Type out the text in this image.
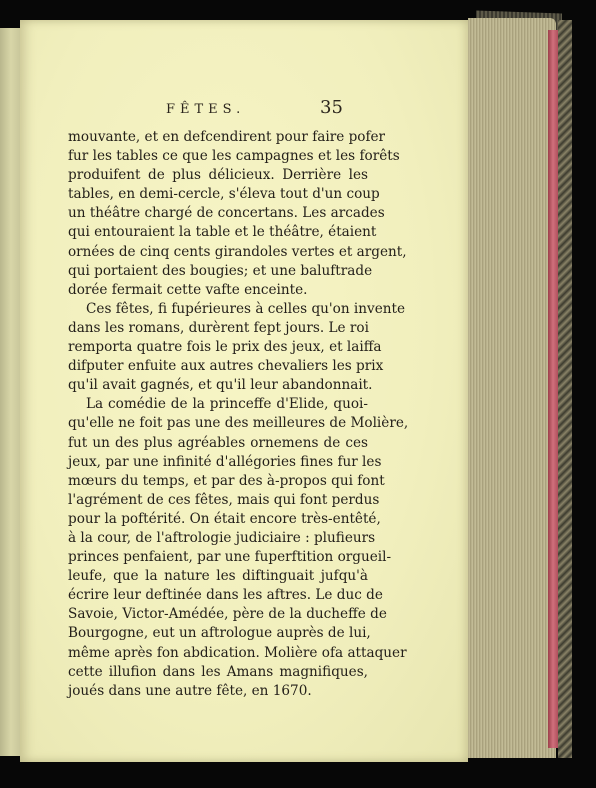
FÊTES.	35
mouvante, et en defcendirent pour faire pofer
fur les tables ce que les campagnes et les forêts
produifent de plus délicieux. Derrière les
tables, en demi-cercle, s'éleva tout d'un coup
un théâtre chargé de concertans. Les arcades
qui entouraient la table et le théâtre, étaient
ornées de cinq cents girandoles vertes et argent,
qui portaient des bougies; et une baluftrade
dorée fermait cette vafte enceinte.
Ces fêtes, fi fupérieures à celles qu'on invente
dans les romans, durèrent fept jours. Le roi
remporta quatre fois le prix des jeux, et laiffa
difputer enfuite aux autres chevaliers les prix
qu'il avait gagnés, et qu'il leur abandonnait.
La comédie de la princeffe d'Elide, quoi-
qu'elle ne foit pas une des meilleures de Molière,
fut un des plus agréables ornemens de ces
jeux, par une infinité d'allégories fines fur les
mœurs du temps, et par des à-propos qui font
l'agrément de ces fêtes, mais qui font perdus
pour la poftérité. On était encore très-entêté,
à la cour, de l'aftrologie judiciaire : plufieurs
princes penfaient, par une fuperftition orgueil-
leufe, que la nature les diftinguait jufqu'à
écrire leur deftinée dans les aftres. Le duc de
Savoie, Victor-Amédée, père de la ducheffe de
Bourgogne, eut un aftrologue auprès de lui,
même après fon abdication. Molière ofa attaquer
cette illufion dans les Amans magnifiques,
joués dans une autre fête, en 1670.
